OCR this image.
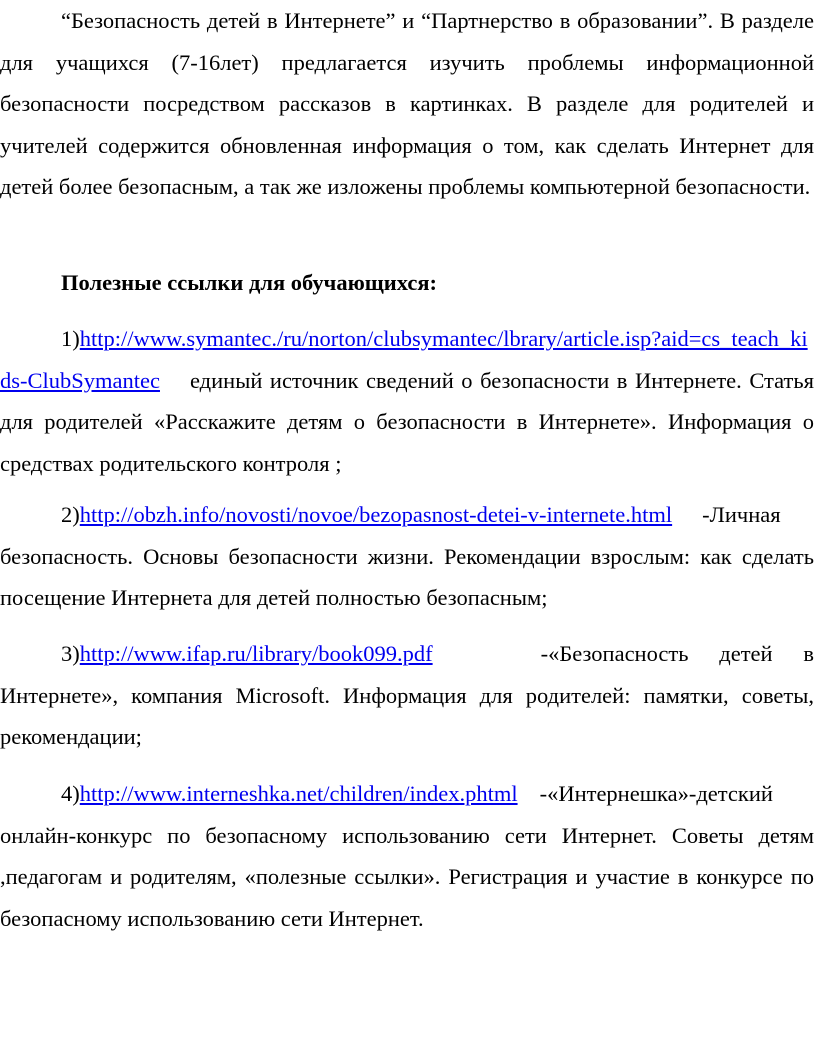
“Безопасность детей в Интернете” и “Партнерство в образовании”. В разделе для учащихся (7-16лет) предлагается изучить проблемы информационной безопасности посредством рассказов в картинках. В разделе для родителей и учителей содержится обновленная информация о том, как сделать Интернет для детей более безопасным, а так же изложены проблемы компьютерной безопасности.

Полезные ссылки для обучающихся:

1)http://www.symantec./ru/norton/clubsymantec/lbrary/article.isp?aid=cs_teach_kids-ClubSymantec единый источник сведений о безопасности в Интернете. Статья для родителей «Расскажите детям о безопасности в Интернете». Информация о средствах родительского контроля ;

2)http://obzh.info/novosti/novoe/bezopasnost-detei-v-internete.html -Личная безопасность. Основы безопасности жизни. Рекомендации взрослым: как сделать посещение Интернета для детей полностью безопасным;

3)http://www.ifap.ru/library/book099.pdf	-«Безопасность детей в Интернете», компания Microsoft. Информация для родителей: памятки, советы, рекомендации;

4)http://www.interneshka.net/children/index.phtml -«Интернешка»-детский онлайн-конкурс по безопасному использованию сети Интернет. Советы детям ,педагогам и родителям, «полезные ссылки». Регистрация и участие в конкурсе по безопасному использованию сети Интернет.
